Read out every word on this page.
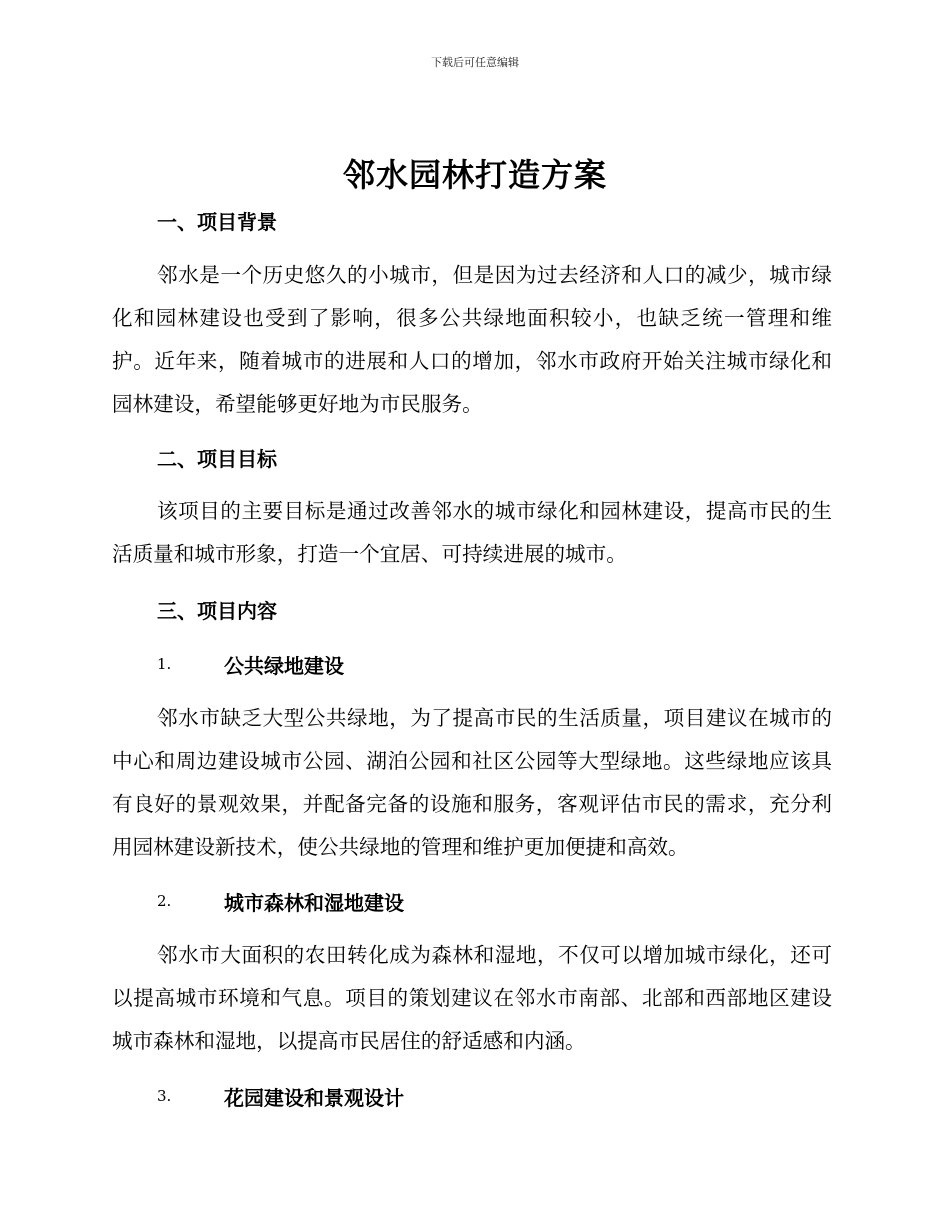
下载后可任意编辑
邻水园林打造方案
一、项目背景

邻水是一个历史悠久的小城市，但是因为过去经济和人口的减少，城市绿化和园林建设也受到了影响，很多公共绿地面积较小，也缺乏统一管理和维护。近年来，随着城市的进展和人口的增加，邻水市政府开始关注城市绿化和园林建设，希望能够更好地为市民服务。

二、项目目标

该项目的主要目标是通过改善邻水的城市绿化和园林建设，提高市民的生活质量和城市形象，打造一个宜居、可持续进展的城市。

三、项目内容
1.	公共绿地建设

邻水市缺乏大型公共绿地，为了提高市民的生活质量，项目建议在城市的中心和周边建设城市公园、湖泊公园和社区公园等大型绿地。这些绿地应该具有良好的景观效果，并配备完备的设施和服务，客观评估市民的需求，充分利用园林建设新技术，使公共绿地的管理和维护更加便捷和高效。

2.	城市森林和湿地建设

邻水市大面积的农田转化成为森林和湿地，不仅可以增加城市绿化，还可以提高城市环境和气息。项目的策划建议在邻水市南部、北部和西部地区建设城市森林和湿地，以提高市民居住的舒适感和内涵。

3.	花园建设和景观设计
